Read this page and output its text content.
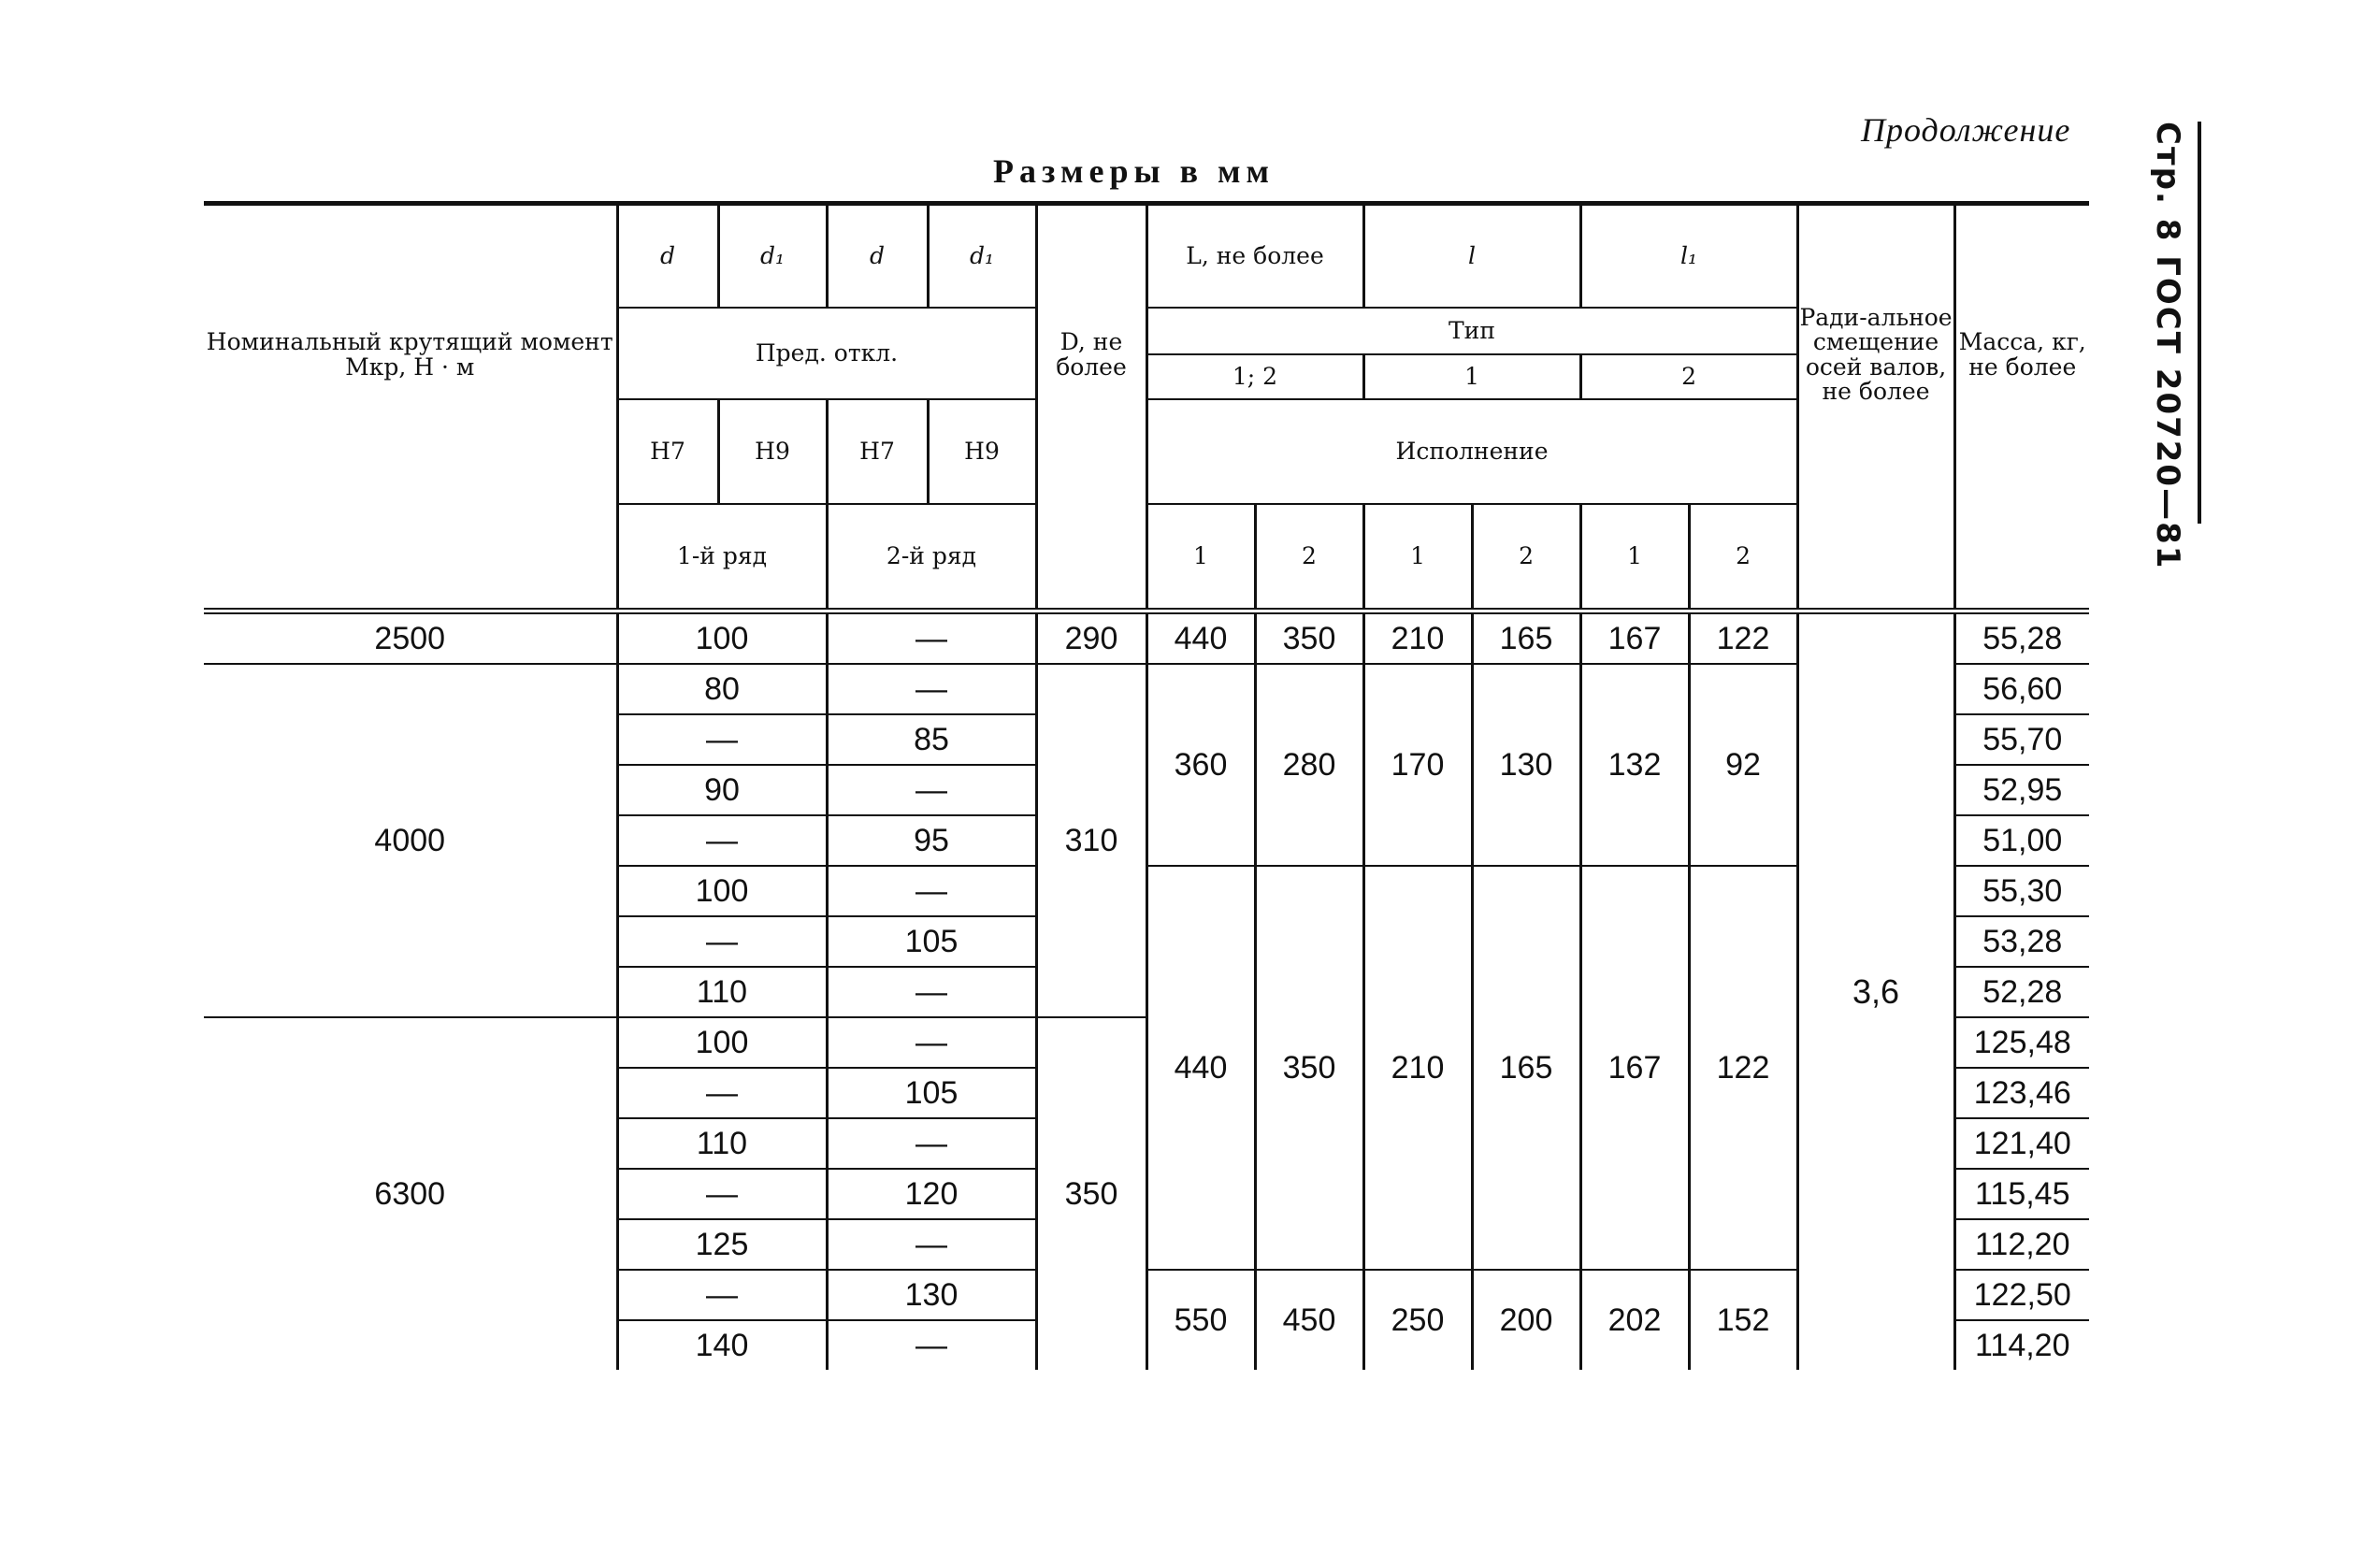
Продолжение
Размеры в мм	Стр. 8 ГОСТ 20720—81
Номинальный крутящий момент Мкр, Н · м	d	d₁	d	d₁	D, не более	L, не более		l		l₁		Ради-альное смещение осей валов, не более	Масса, кг, не более
	Пред. откл.					Тип							
						1; 2		1		2			
	H7	H9	H7	H9		Исполнение							
	1-й ряд		2-й ряд			1	2	1	2	1	2		
2500	100		—		290	440	350	210	165	167	122	3,6	55,28
4000	80		—		310	360	280	170	130	132	92		56,60
	—		85										55,70
	90		—										52,95
	—		95										51,00
	100		—			440	350	210	165	167	122		55,30
	—		105										53,28
	110		—										52,28
6300	100		—		350								125,48
	—		105										123,46
	110		—										121,40
	—		120										115,45
	125		—										112,20
	—		130			550	450	250	200	202	152		122,50
	140		—										114,20
